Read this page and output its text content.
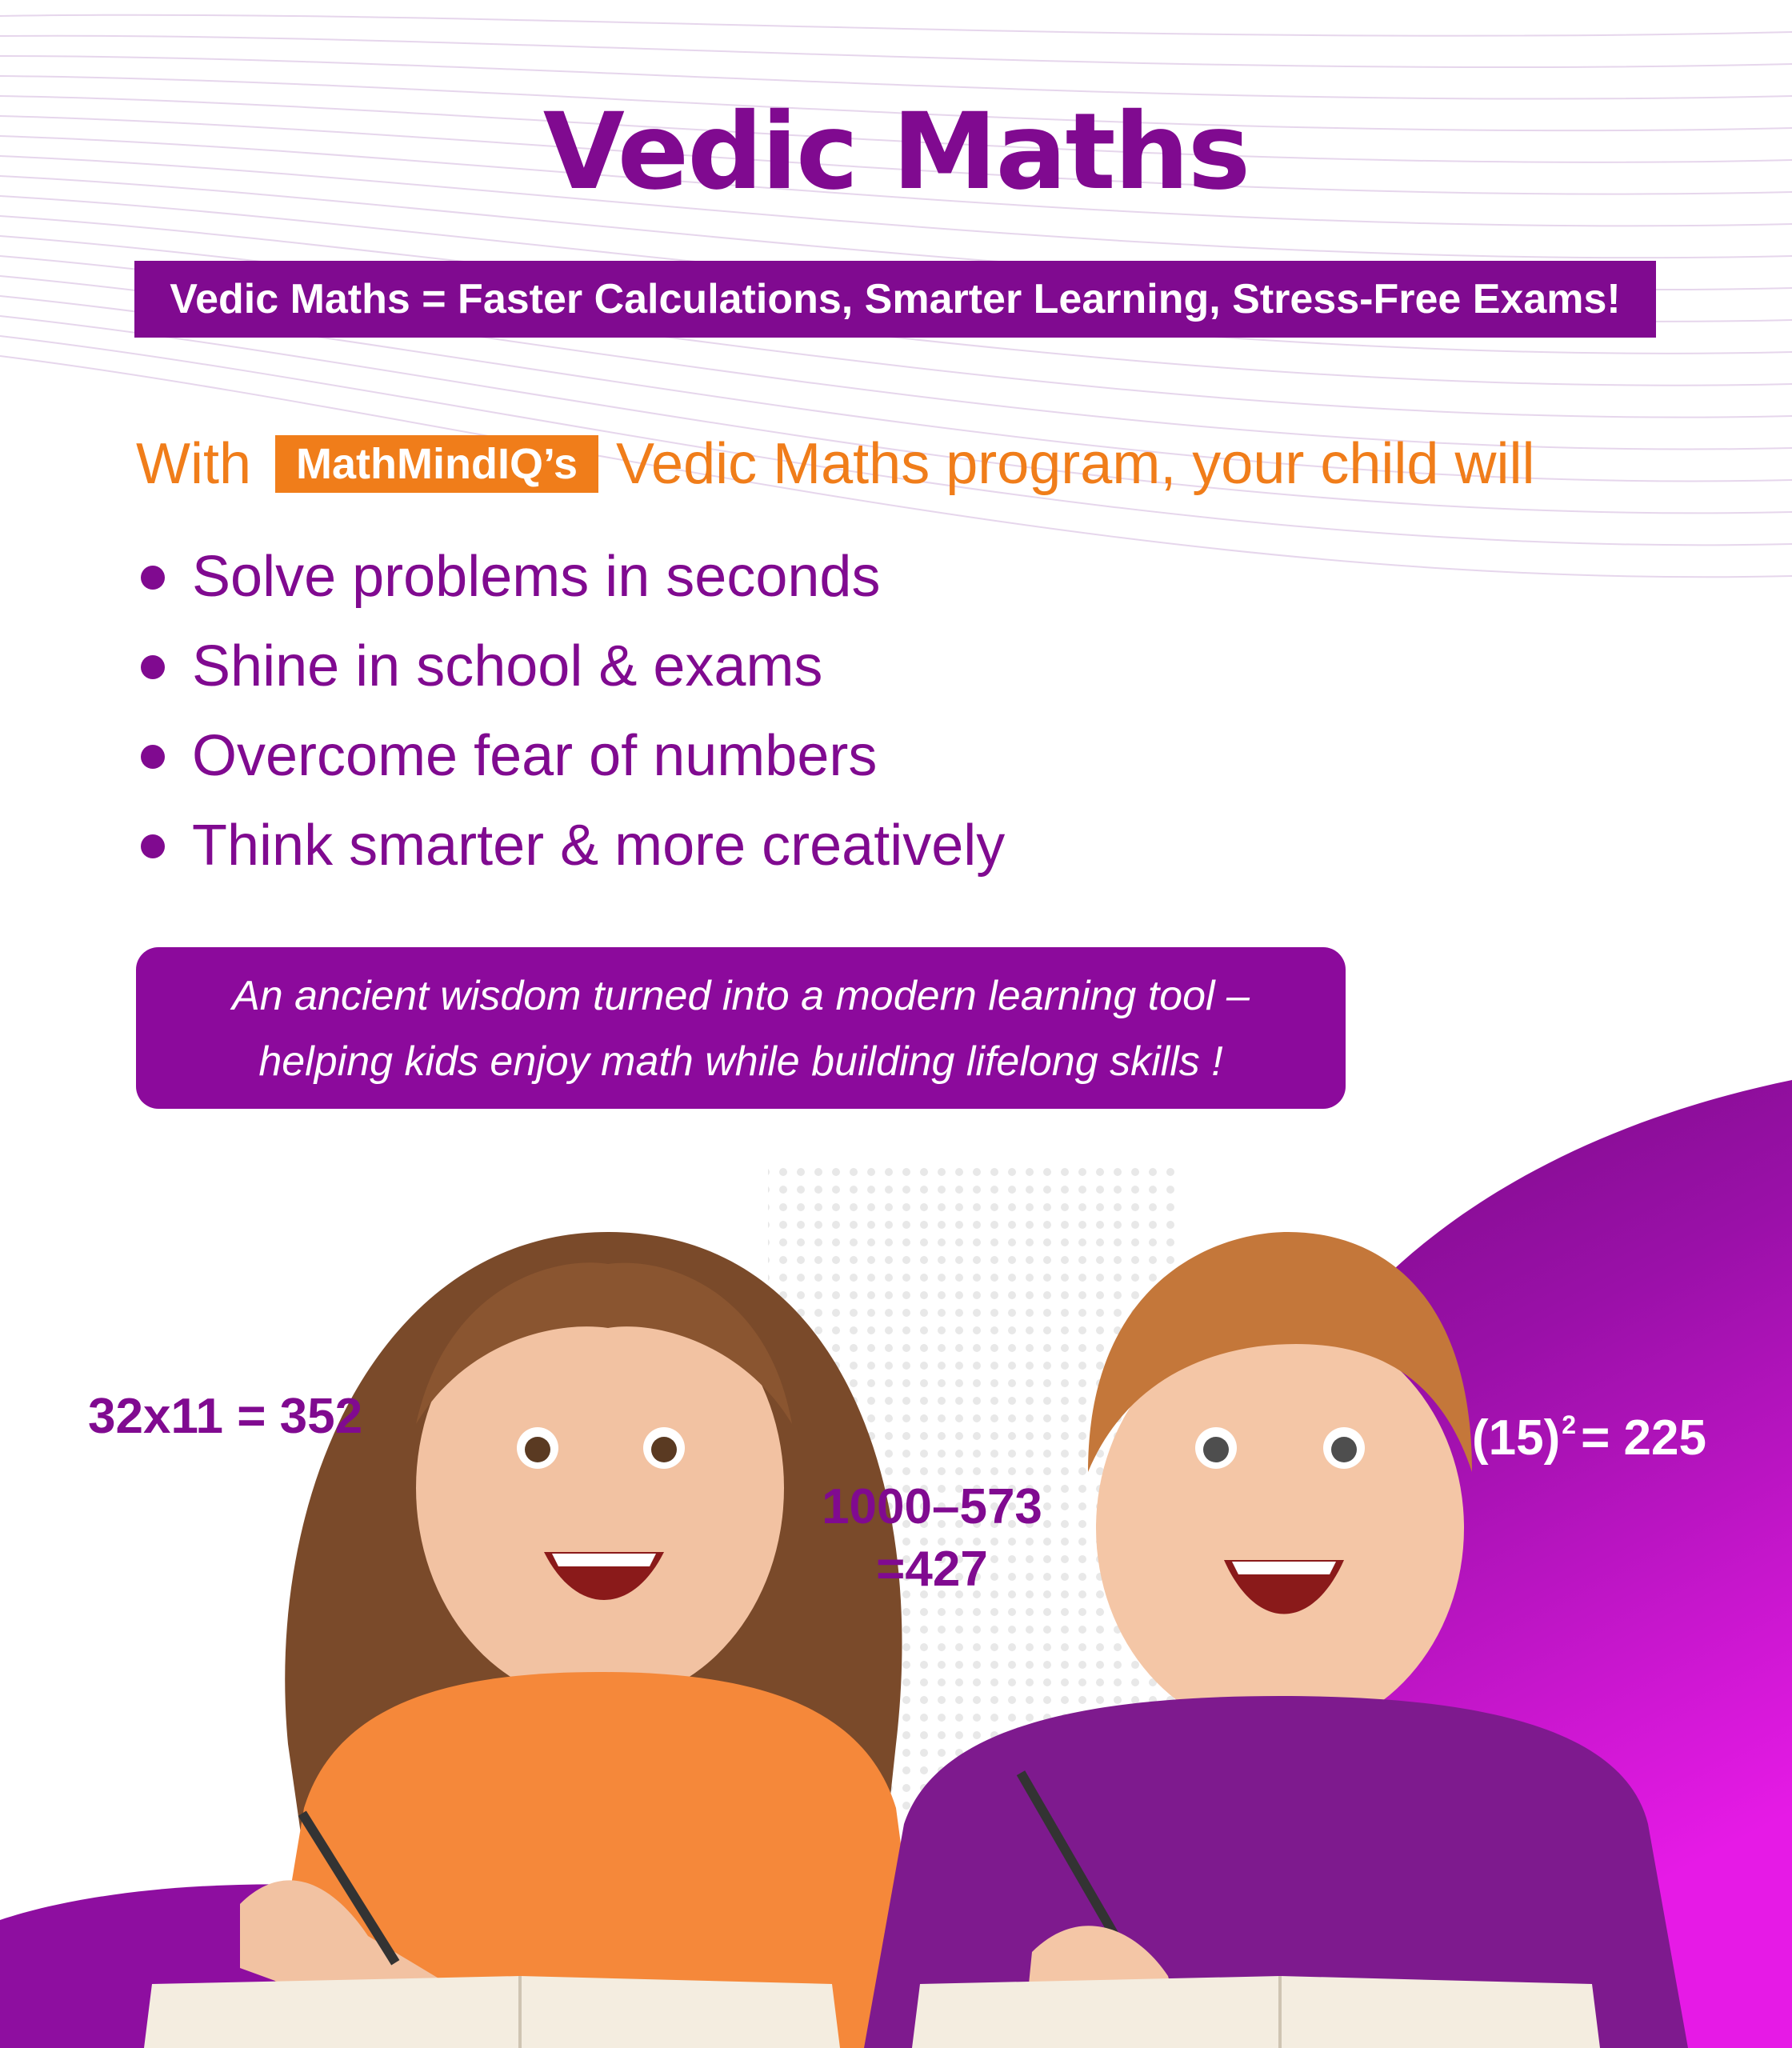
Vedic Maths
Vedic Maths = Faster Calculations, Smarter Learning, Stress-Free Exams!
With MathMindIQ’s Vedic Maths program, your child will
Solve problems in seconds
Shine in school & exams
Overcome fear of numbers
Think smarter & more creatively
An ancient wisdom turned into a modern learning tool –
helping kids enjoy math while building lifelong skills !
32x11 = 352
1000–573
=427
$(15)^2= 225$
